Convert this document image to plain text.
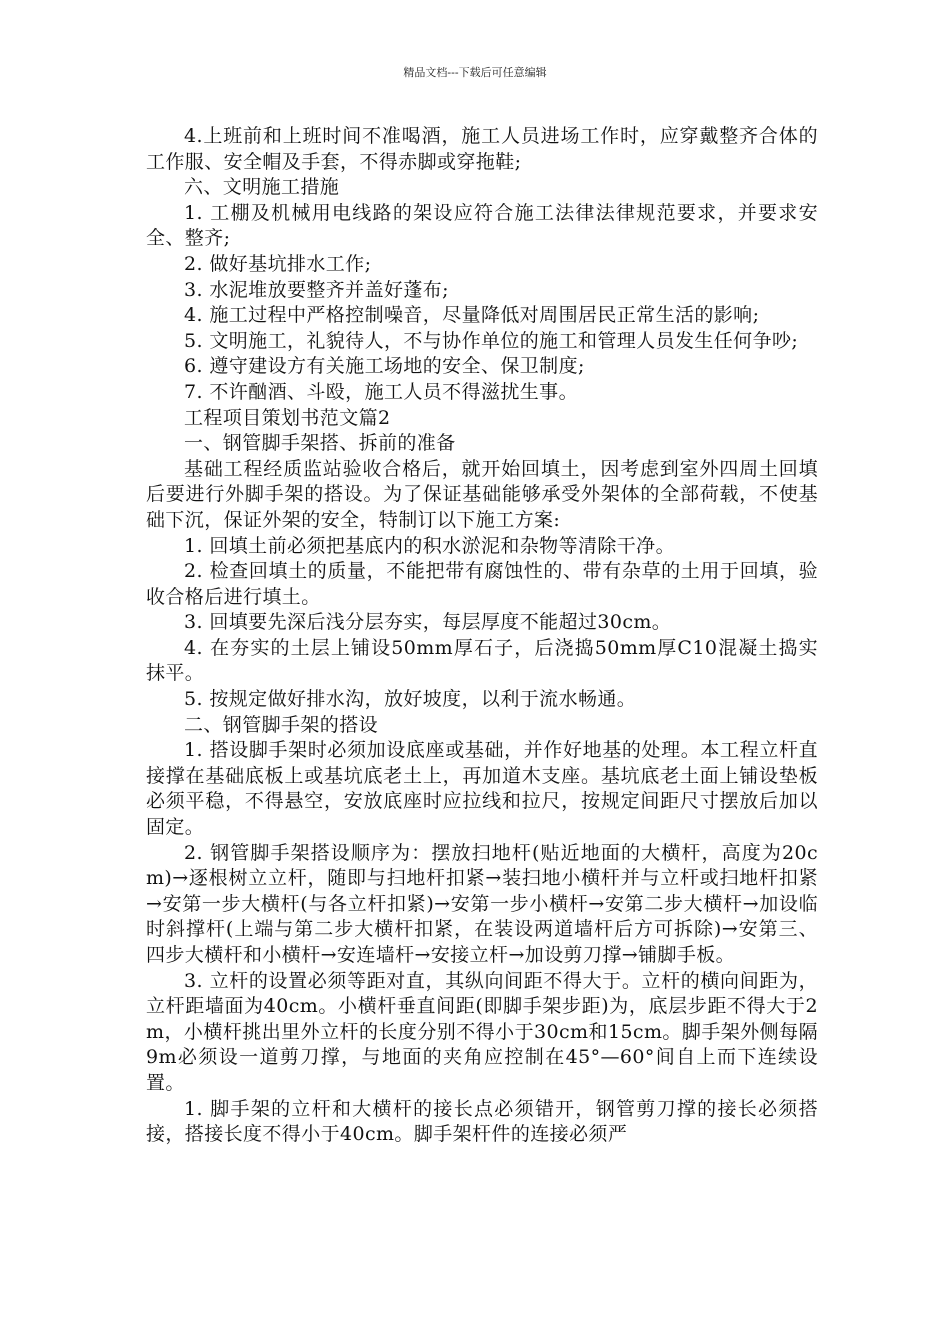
精品文档---下载后可任意编辑

4.上班前和上班时间不准喝酒，施工人员进场工作时，应穿戴整齐合体的工作服、安全帽及手套，不得赤脚或穿拖鞋;

六、文明施工措施

1. 工棚及机械用电线路的架设应符合施工法律法律规范要求，并要求安全、整齐;

2. 做好基坑排水工作;

3. 水泥堆放要整齐并盖好蓬布;

4. 施工过程中严格控制噪音，尽量降低对周围居民正常生活的影响;

5. 文明施工，礼貌待人，不与协作单位的施工和管理人员发生任何争吵;

6. 遵守建设方有关施工场地的安全、保卫制度;

7. 不许酗酒、斗殴，施工人员不得滋扰生事。

工程项目策划书范文篇2

一、钢管脚手架搭、拆前的准备

基础工程经质监站验收合格后，就开始回填土，因考虑到室外四周土回填后要进行外脚手架的搭设。为了保证基础能够承受外架体的全部荷载，不使基础下沉，保证外架的安全，特制订以下施工方案:

1. 回填土前必须把基底内的积水淤泥和杂物等清除干净。

2. 检查回填土的质量，不能把带有腐蚀性的、带有杂草的土用于回填，验收合格后进行填土。

3. 回填要先深后浅分层夯实，每层厚度不能超过30cm。

4. 在夯实的土层上铺设50mm厚石子，后浇捣50mm厚C10混凝土捣实抹平。

5. 按规定做好排水沟，放好坡度，以利于流水畅通。

二、钢管脚手架的搭设

1. 搭设脚手架时必须加设底座或基础，并作好地基的处理。本工程立杆直接撑在基础底板上或基坑底老土上，再加道木支座。基坑底老土面上铺设垫板必须平稳，不得悬空，安放底座时应拉线和拉尺，按规定间距尺寸摆放后加以固定。

2. 钢管脚手架搭设顺序为：摆放扫地杆(贴近地面的大横杆，高度为20cm)→逐根树立立杆，随即与扫地杆扣紧→装扫地小横杆并与立杆或扫地杆扣紧→安第一步大横杆(与各立杆扣紧)→安第一步小横杆→安第二步大横杆→加设临时斜撑杆(上端与第二步大横杆扣紧，在装设两道墙杆后方可拆除)→安第三、四步大横杆和小横杆→安连墙杆→安接立杆→加设剪刀撑→铺脚手板。

3. 立杆的设置必须等距对直，其纵向间距不得大于。立杆的横向间距为，立杆距墙面为40cm。小横杆垂直间距(即脚手架步距)为，底层步距不得大于2m，小横杆挑出里外立杆的长度分别不得小于30cm和15cm。脚手架外侧每隔9m必须设一道剪刀撑，与地面的夹角应控制在45°—60°间自上而下连续设置。

1. 脚手架的立杆和大横杆的接长点必须错开，钢管剪刀撑的接长必须搭接，搭接长度不得小于40cm。脚手架杆件的连接必须严
